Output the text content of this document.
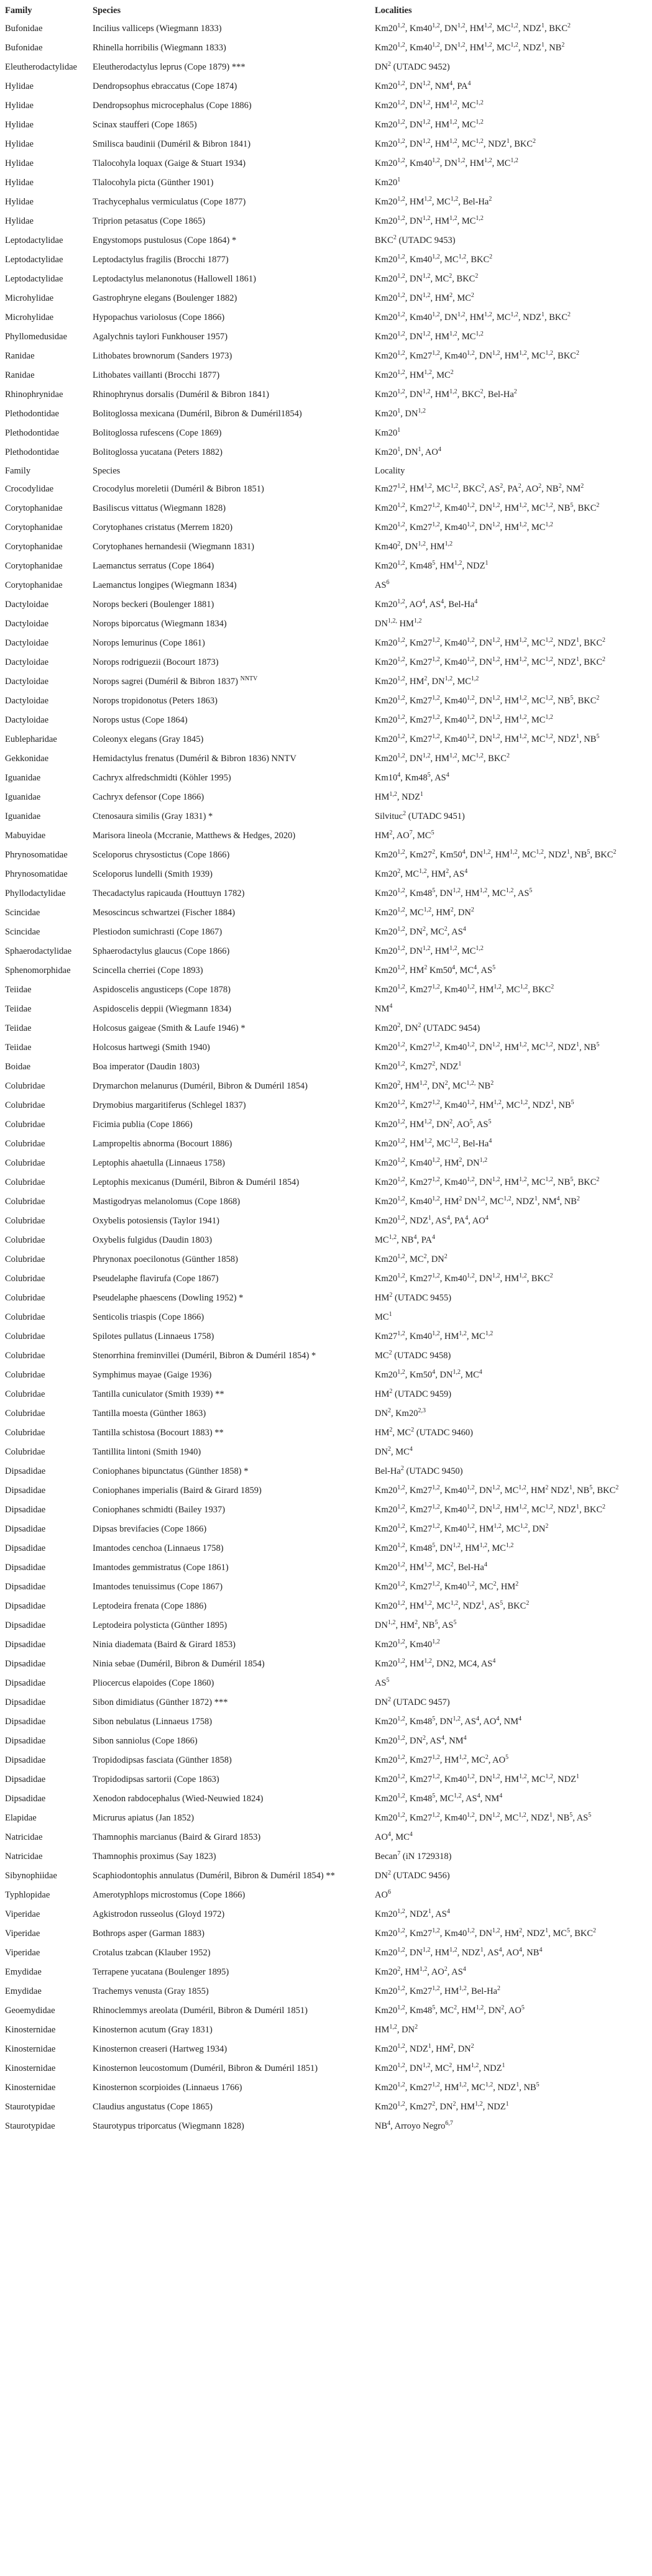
Family	Species	Localities
Bufonidae	Incilius valliceps (Wiegmann 1833)	Km20$^{1,2}$, Km40$^{1,2}$, DN$^{1,2}$, HM$^{1,2}$, MC$^{1,2}$, NDZ$^1$, BKC$^2$
Bufonidae	Rhinella horribilis (Wiegmann 1833)	Km20$^{1,2}$, Km40$^{1,2}$, DN$^{1,2}$, HM$^{1,2}$, MC$^{1,2}$, NDZ$^1$, $NB^2$
Eleutherodactylidae	Eleutherodactylus leprus (Cope 1879) ***	$DN^2$ (UTADC 9452)
Hylidae	Dendropsophus ebraccatus (Cope 1874)	Km20$^{1,2}$, DN$^{1,2}$, $NM^4$, $PA^4$
Hylidae	Dendropsophus microcephalus (Cope 1886)	Km20$^{1,2}$, DN$^{1,2}$, HM$^{1,2}$, MC$^{1,2}$
Hylidae	Scinax staufferi (Cope 1865)	Km20$^{1,2}$, DN$^{1,2}$, HM$^{1,2}$, MC$^{1,2}$
Hylidae	Smilisca baudinii (Duméril & Bibron 1841)	Km20$^{1,2}$, DN$^{1,2}$, HM$^{1,2}$, MC$^{1,2}$, NDZ$^1$, BKC$^2$
Hylidae	Tlalocohyla loquax (Gaige & Stuart 1934)	Km20$^{1,2}$, Km40$^{1,2}$, DN$^{1,2}$, HM$^{1,2}$, MC$^{1,2}$
Hylidae	Tlalocohyla picta (Günther 1901)	$Km20^1$
Hylidae	Trachycephalus vermiculatus (Cope 1877)	Km20$^{1,2}$, HM$^{1,2}$, MC$^{1,2}$, Bel-Ha$^2$
Hylidae	Triprion petasatus (Cope 1865)	Km20$^{1,2}$, DN$^{1,2}$, HM$^{1,2}$, MC$^{1,2}$
Leptodactylidae	Engystomops pustulosus (Cope 1864) *	BKC$^2$ (UTADC 9453)
Leptodactylidae	Leptodactylus fragilis (Brocchi 1877)	Km20$^{1,2}$, Km40$^{1,2}$, MC$^{1,2}$, BKC$^2$
Leptodactylidae	Leptodactylus melanonotus (Hallowell 1861)	Km20$^{1,2}$, DN$^{1,2}$, $MC^2$, BKC$^2$
Microhylidae	Gastrophryne elegans (Boulenger 1882)	Km20$^{1,2}$, DN$^{1,2}$, $HM^2$, $MC^2$
Microhylidae	Hypopachus variolosus (Cope 1866)	Km20$^{1,2}$, Km40$^{1,2}$, DN$^{1,2}$, HM$^{1,2}$, MC$^{1,2}$, NDZ$^1$, BKC$^2$
Phyllomedusidae	Agalychnis taylori Funkhouser 1957)	Km20$^{1,2}$, DN$^{1,2}$, HM$^{1,2}$, MC$^{1,2}$
Ranidae	Lithobates brownorum (Sanders 1973)	Km20$^{1,2}$, Km27$^{1,2}$, Km40$^{1,2}$, DN$^{1,2}$, HM$^{1,2}$, MC$^{1,2}$, BKC$^2$
Ranidae	Lithobates vaillanti (Brocchi 1877)	Km20$^{1,2}$, HM$^{1,2}$, $MC^2$
Rhinophrynidae	Rhinophrynus dorsalis (Duméril & Bibron 1841)	Km20$^{1,2}$, DN$^{1,2}$, HM$^{1,2}$, BKC$^2$, Bel-Ha$^2$
Plethodontidae	Bolitoglossa mexicana (Duméril, Bibron & Duméril1854)	$Km20^1$, DN$^{1,2}$
Plethodontidae	Bolitoglossa rufescens (Cope 1869)	$Km20^1$
Plethodontidae	Bolitoglossa yucatana (Peters 1882)	$Km20^1$, $DN^1$, $AO^4$
Family	Species	Locality
Crocodylidae	Crocodylus moreletii (Duméril & Bibron 1851)	Km27$^{1,2}$, HM$^{1,2}$, MC$^{1,2}$, BKC$^2$, $AS^2$, $PA^2$, $AO^2$, $NB^2$, $NM^2$
Corytophanidae	Basiliscus vittatus (Wiegmann 1828)	Km20$^{1,2}$, Km27$^{1,2}$, Km40$^{1,2}$, DN$^{1,2}$, HM$^{1,2}$, MC$^{1,2}$, $NB^5$, BKC$^2$
Corytophanidae	Corytophanes cristatus (Merrem 1820)	Km20$^{1,2}$, Km27$^{1,2}$, Km40$^{1,2}$, DN$^{1,2}$, HM$^{1,2}$, MC$^{1,2}$
Corytophanidae	Corytophanes hernandesii (Wiegmann 1831)	$Km40^2$, DN$^{1,2}$, HM$^{1,2}$
Corytophanidae	Laemanctus serratus (Cope 1864)	Km20$^{1,2}$, $Km48^5$, HM$^{1,2}$, NDZ$^1$
Corytophanidae	Laemanctus longipes (Wiegmann 1834)	$AS^6$
Dactyloidae	Norops beckeri (Boulenger 1881)	Km20$^{1,2}$, $AO^4$, $AS^4$, Bel-Ha$^4$
Dactyloidae	Norops biporcatus (Wiegmann 1834)	$DN^{1,2,}$ HM$^{1,2}$
Dactyloidae	Norops lemurinus (Cope 1861)	Km20$^{1,2}$, Km27$^{1,2}$, Km40$^{1,2}$, DN$^{1,2}$, HM$^{1,2}$, MC$^{1,2}$, NDZ$^1$, BKC$^2$
Dactyloidae	Norops rodriguezii (Bocourt 1873)	Km20$^{1,2}$, Km27$^{1,2}$, Km40$^{1,2}$, DN$^{1,2}$, HM$^{1,2}$, MC$^{1,2}$, NDZ$^1$, BKC$^2$
Dactyloidae	Norops sagrei (Duméril & Bibron 1837) $^{NNTV}$	Km20$^{1,2}$, $HM^2$, DN$^{1,2}$, MC$^{1,2}$
Dactyloidae	Norops tropidonotus (Peters 1863)	Km20$^{1,2}$, Km27$^{1,2}$, Km40$^{1,2}$, DN$^{1,2}$, HM$^{1,2}$, MC$^{1,2}$, $NB^5$, BKC$^2$
Dactyloidae	Norops ustus (Cope 1864)	Km20$^{1,2}$, Km27$^{1,2}$, Km40$^{1,2}$, DN$^{1,2}$, HM$^{1,2}$, MC$^{1,2}$
Eublepharidae	Coleonyx elegans (Gray 1845)	Km20$^{1,2}$, Km27$^{1,2}$, Km40$^{1,2}$, DN$^{1,2}$, HM$^{1,2}$, MC$^{1,2}$, NDZ$^1$, $NB^5$
Gekkonidae	Hemidactylus frenatus (Duméril & Bibron 1836) NNTV	Km20$^{1,2}$, DN$^{1,2}$, HM$^{1,2}$, MC$^{1,2}$, BKC$^2$
Iguanidae	Cachryx alfredschmidti (Köhler 1995)	$Km10^4$, $Km48^5$, $AS^4$
Iguanidae	Cachryx defensor (Cope 1866)	HM$^{1,2}$, NDZ$^1$
Iguanidae	Ctenosaura similis (Gray 1831) *	Silvituc$^2$ (UTADC 9451)
Mabuyidae	Marisora lineola (Mccranie, Matthews & Hedges, 2020)	$HM^2$, $AO^7$, $MC^5$
Phrynosomatidae	Sceloporus chrysostictus (Cope 1866)	Km20$^{1,2}$, $Km27^2$, $Km50^4$, DN$^{1,2}$, HM$^{1,2}$, MC$^{1,2}$, NDZ$^1$, $NB^5$, BKC$^2$
Phrynosomatidae	Sceloporus lundelli (Smith 1939)	$Km20^2$, MC$^{1,2}$, $HM^2$, $AS^4$
Phyllodactylidae	Thecadactylus rapicauda (Houttuyn 1782)	Km20$^{1,2}$, $Km48^5$, DN$^{1,2}$, HM$^{1,2}$, MC$^{1,2}$, $AS^5$
Scincidae	Mesoscincus schwartzei (Fischer 1884)	Km20$^{1,2}$, MC$^{1,2}$, $HM^2$, $DN^2$
Scincidae	Plestiodon sumichrasti (Cope 1867)	Km20$^{1,2}$, $DN^2$, $MC^2$, $AS^4$
Sphaerodactylidae	Sphaerodactylus glaucus (Cope 1866)	Km20$^{1,2}$, DN$^{1,2}$, HM$^{1,2}$, MC$^{1,2}$
Sphenomorphidae	Scincella cherriei (Cope 1893)	Km20$^{1,2}$, $HM^2$ $Km50^4$, $MC^4$, $AS^5$
Teiidae	Aspidoscelis angusticeps (Cope 1878)	Km20$^{1,2}$, Km27$^{1,2}$, Km40$^{1,2}$, HM$^{1,2}$, MC$^{1,2}$, BKC$^2$
Teiidae	Aspidoscelis deppii (Wiegmann 1834)	$NM^4$
Teiidae	Holcosus gaigeae (Smith & Laufe 1946) *	$Km20^2$, $DN^2$ (UTADC 9454)
Teiidae	Holcosus hartwegi (Smith 1940)	Km20$^{1,2}$, Km27$^{1,2}$, Km40$^{1,2}$, DN$^{1,2}$, HM$^{1,2}$, MC$^{1,2}$, NDZ$^1$, $NB^5$
Boidae	Boa imperator (Daudin 1803)	Km20$^{1,2}$, $Km27^2$, NDZ$^1$
Colubridae	Drymarchon melanurus (Duméril, Bibron & Duméril 1854)	$Km20^2$, HM$^{1,2}$, $DN^2$, $MC^{1,2,}$ $NB^2$
Colubridae	Drymobius margaritiferus (Schlegel 1837)	Km20$^{1,2}$, Km27$^{1,2}$, Km40$^{1,2}$, HM$^{1,2}$, MC$^{1,2}$, NDZ$^1$, $NB^5$
Colubridae	Ficimia publia (Cope 1866)	Km20$^{1,2}$, HM$^{1,2}$, $DN^2$, $AO^5$, $AS^5$
Colubridae	Lampropeltis abnorma (Bocourt 1886)	Km20$^{1,2}$, HM$^{1,2}$, MC$^{1,2}$, Bel-Ha$^4$
Colubridae	Leptophis ahaetulla (Linnaeus 1758)	Km20$^{1,2}$, Km40$^{1,2}$, $HM^2$, DN$^{1,2}$
Colubridae	Leptophis mexicanus (Duméril, Bibron & Duméril 1854)	Km20$^{1,2}$, Km27$^{1,2}$, Km40$^{1,2}$, DN$^{1,2}$, HM$^{1,2}$, MC$^{1,2}$, $NB^5$, BKC$^2$
Colubridae	Mastigodryas melanolomus (Cope 1868)	Km20$^{1,2}$, Km40$^{1,2}$, $HM^2$ DN$^{1,2}$, MC$^{1,2}$, NDZ$^1$, $NM^4$, $NB^2$
Colubridae	Oxybelis potosiensis (Taylor 1941)	Km20$^{1,2}$, NDZ$^1$, $AS^4$, $PA^4$, $AO^4$
Colubridae	Oxybelis fulgidus (Daudin 1803)	MC$^{1,2}$, $NB^4$, $PA^4$
Colubridae	Phrynonax poecilonotus (Günther 1858)	Km20$^{1,2}$, $MC^2$, $DN^2$
Colubridae	Pseudelaphe flavirufa (Cope 1867)	Km20$^{1,2}$, Km27$^{1,2}$, Km40$^{1,2}$, DN$^{1,2}$, HM$^{1,2}$, BKC$^2$
Colubridae	Pseudelaphe phaescens (Dowling 1952) *	$HM^2$ (UTADC 9455)
Colubridae	Senticolis triaspis (Cope 1866)	$MC^1$
Colubridae	Spilotes pullatus (Linnaeus 1758)	Km27$^{1,2}$, Km40$^{1,2}$, HM$^{1,2}$, MC$^{1,2}$
Colubridae	Stenorrhina freminvillei (Duméril, Bibron & Duméril 1854) *	$MC^2$ (UTADC 9458)
Colubridae	Symphimus mayae (Gaige 1936)	Km20$^{1,2}$, $Km50^4$, DN$^{1,2}$, $MC^4$
Colubridae	Tantilla cuniculator (Smith 1939) **	$HM^2$ (UTADC 9459)
Colubridae	Tantilla moesta (Günther 1863)	$DN^2$, Km20$^{2,3}$
Colubridae	Tantilla schistosa (Bocourt 1883) **	$HM^2$, $MC^2$ (UTADC 9460)
Colubridae	Tantillita lintoni (Smith 1940)	$DN^2$, $MC^4$
Dipsadidae	Coniophanes bipunctatus (Günther 1858) *	Bel-Ha$^2$ (UTADC 9450)
Dipsadidae	Coniophanes imperialis (Baird & Girard 1859)	Km20$^{1,2}$, Km27$^{1,2}$, Km40$^{1,2}$, DN$^{1,2}$, MC$^{1,2}$, $HM^2$ NDZ$^1$, $NB^5$, BKC$^2$
Dipsadidae	Coniophanes schmidti (Bailey 1937)	Km20$^{1,2}$, Km27$^{1,2}$, Km40$^{1,2}$, DN$^{1,2}$, HM$^{1,2}$, MC$^{1,2}$, NDZ$^1$, BKC$^2$
Dipsadidae	Dipsas brevifacies (Cope 1866)	Km20$^{1,2}$, Km27$^{1,2}$, Km40$^{1,2}$, HM$^{1,2}$, MC$^{1,2}$, $DN^2$
Dipsadidae	Imantodes cenchoa (Linnaeus 1758)	Km20$^{1,2}$, $Km48^5$, DN$^{1,2}$, HM$^{1,2}$, MC$^{1,2}$
Dipsadidae	Imantodes gemmistratus (Cope 1861)	Km20$^{1,2}$, HM$^{1,2}$, $MC^2$, Bel-Ha$^4$
Dipsadidae	Imantodes tenuissimus (Cope 1867)	Km20$^{1,2}$, Km27$^{1,2}$, Km40$^{1,2}$, $MC^2$, $HM^2$
Dipsadidae	Leptodeira frenata (Cope 1886)	Km20$^{1,2}$, HM$^{1,2}$, MC$^{1,2}$, NDZ$^1$, $AS^5$, BKC$^2$
Dipsadidae	Leptodeira polysticta (Günther 1895)	DN$^{1,2}$, $HM^2$, $NB^5$, $AS^5$
Dipsadidae	Ninia diademata (Baird & Girard 1853)	Km20$^{1,2}$, Km40$^{1,2}$
Dipsadidae	Ninia sebae (Duméril, Bibron & Duméril 1854)	Km20$^{1,2}$, HM$^{1,2}$, DN2, MC4, $AS^4$
Dipsadidae	Pliocercus elapoides (Cope 1860)	$AS^5$
Dipsadidae	Sibon dimidiatus (Günther 1872) ***	$DN^2$ (UTADC 9457)
Dipsadidae	Sibon nebulatus (Linnaeus 1758)	Km20$^{1,2}$, $Km48^5$, DN$^{1,2}$, $AS^4$, $AO^4$, $NM^4$
Dipsadidae	Sibon sanniolus (Cope 1866)	Km20$^{1,2}$, $DN^2$, $AS^4$, $NM^4$
Dipsadidae	Tropidodipsas fasciata (Günther 1858)	Km20$^{1,2}$, Km27$^{1,2}$, HM$^{1,2}$, $MC^2$, $AO^5$
Dipsadidae	Tropidodipsas sartorii (Cope 1863)	Km20$^{1,2}$, Km27$^{1,2}$, Km40$^{1,2}$, DN$^{1,2}$, HM$^{1,2}$, MC$^{1,2}$, NDZ$^1$
Dipsadidae	Xenodon rabdocephalus (Wied-Neuwied 1824)	Km20$^{1,2}$, $Km48^5$, MC$^{1,2}$, $AS^4$, $NM^4$
Elapidae	Micrurus apiatus (Jan 1852)	Km20$^{1,2}$, Km27$^{1,2}$, Km40$^{1,2}$, DN$^{1,2}$, MC$^{1,2}$, NDZ$^1$, $NB^5$, $AS^5$
Natricidae	Thamnophis marcianus (Baird & Girard 1853)	$AO^4$, $MC^4$
Natricidae	Thamnophis proximus (Say 1823)	Becan$^7$ (iN 1729318)
Sibynophiidae	Scaphiodontophis annulatus (Duméril, Bibron & Duméril 1854) **	$DN^2$ (UTADC 9456)
Typhlopidae	Amerotyphlops microstomus (Cope 1866)	$AO^6$
Viperidae	Agkistrodon russeolus (Gloyd 1972)	Km20$^{1,2}$, NDZ$^1$, $AS^4$
Viperidae	Bothrops asper (Garman 1883)	Km20$^{1,2}$, Km27$^{1,2}$, Km40$^{1,2}$, DN$^{1,2}$, $HM^2$, NDZ$^1$, $MC^5$, BKC$^2$
Viperidae	Crotalus tzabcan (Klauber 1952)	Km20$^{1,2}$, DN$^{1,2}$, HM$^{1,2}$, NDZ$^1$, $AS^4$, $AO^4$, $NB^4$
Emydidae	Terrapene yucatana (Boulenger 1895)	$Km20^2$, HM$^{1,2}$, $AO^2$, $AS^4$
Emydidae	Trachemys venusta (Gray 1855)	Km20$^{1,2}$, Km27$^{1,2}$, HM$^{1,2}$, Bel-Ha$^2$
Geoemydidae	Rhinoclemmys areolata (Duméril, Bibron & Duméril 1851)	Km20$^{1,2}$, $Km48^5$, $MC^2$, HM$^{1,2}$, $DN^2$, $AO^5$
Kinosternidae	Kinosternon acutum (Gray 1831)	HM$^{1,2}$, $DN^2$
Kinosternidae	Kinosternon creaseri (Hartweg 1934)	Km20$^{1,2}$, NDZ$^1$, $HM^2$, $DN^2$
Kinosternidae	Kinosternon leucostomum (Duméril, Bibron & Duméril 1851)	Km20$^{1,2}$, DN$^{1,2}$, $MC^2$, HM$^{1,2}$, NDZ$^1$
Kinosternidae	Kinosternon scorpioides (Linnaeus 1766)	Km20$^{1,2}$, Km27$^{1,2}$, HM$^{1,2}$, MC$^{1,2}$, NDZ$^1$, $NB^5$
Staurotypidae	Claudius angustatus (Cope 1865)	Km20$^{1,2}$, $Km27^2$, $DN^2$, HM$^{1,2}$, NDZ$^1$
Staurotypidae	Staurotypus triporcatus (Wiegmann 1828)	$NB^4$, Arroyo Negro$^{6,7}$
